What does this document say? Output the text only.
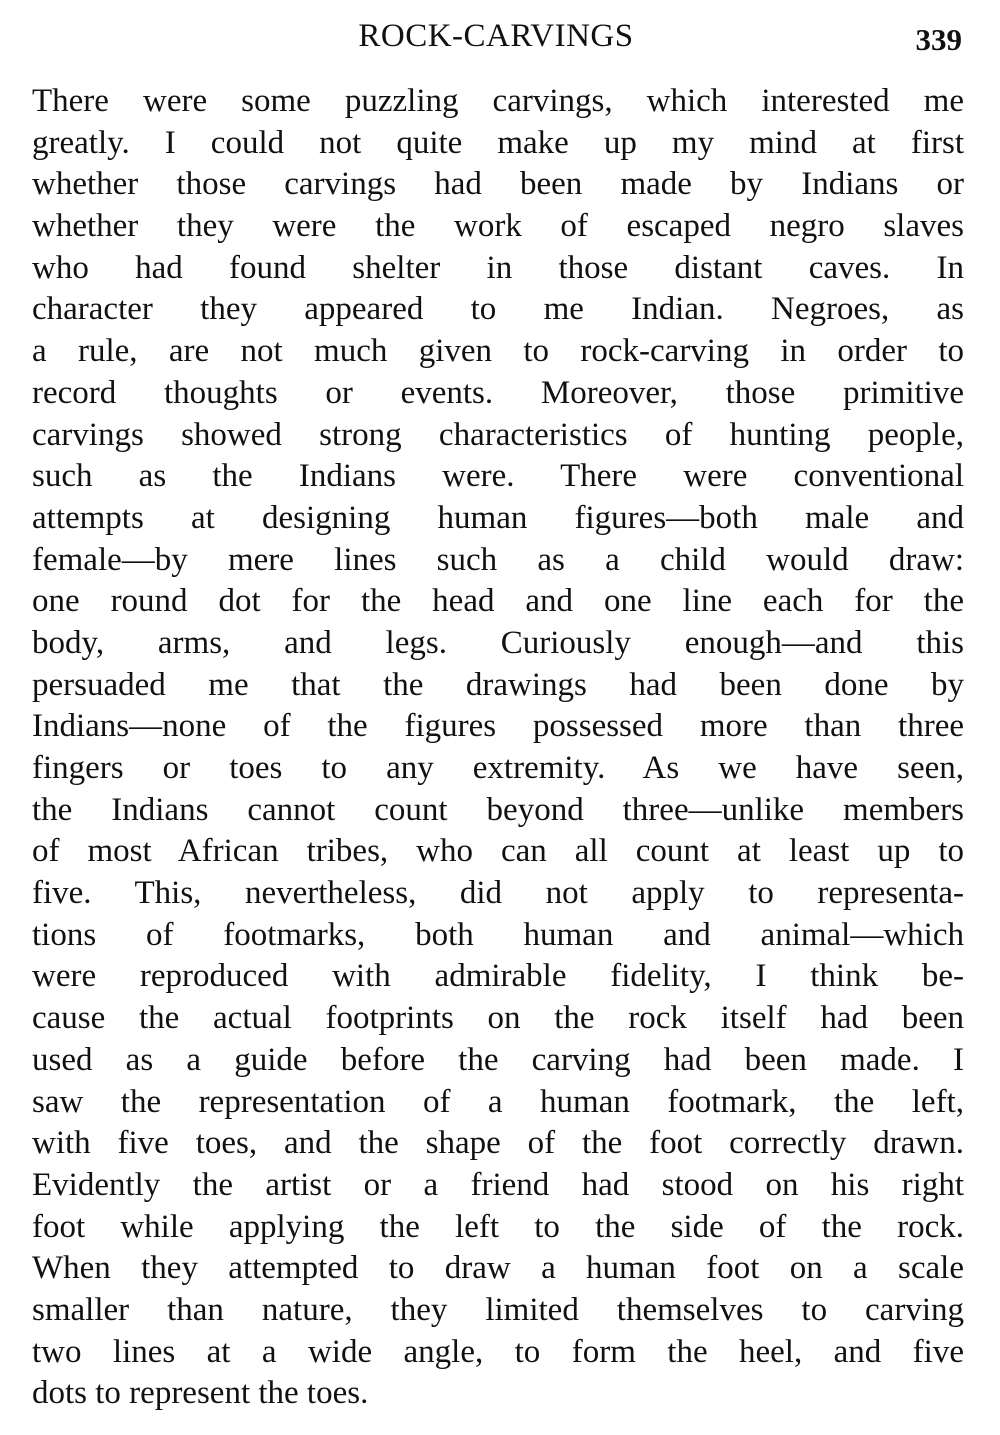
ROCK-CARVINGS	339
There were some puzzling carvings, which interested me
greatly. I could not quite make up my mind at first
whether those carvings had been made by Indians or
whether they were the work of escaped negro slaves
who had found shelter in those distant caves. In
character they appeared to me Indian. Negroes, as
a rule, are not much given to rock-carving in order to
record thoughts or events. Moreover, those primitive
carvings showed strong characteristics of hunting people,
such as the Indians were. There were conventional
attempts at designing human figures—both male and
female—by mere lines such as a child would draw:
one round dot for the head and one line each for the
body, arms, and legs. Curiously enough—and this
persuaded me that the drawings had been done by
Indians—none of the figures possessed more than three
fingers or toes to any extremity. As we have seen,
the Indians cannot count beyond three—unlike members
of most African tribes, who can all count at least up to
five. This, nevertheless, did not apply to representa-
tions of footmarks, both human and animal—which
were reproduced with admirable fidelity, I think be-
cause the actual footprints on the rock itself had been
used as a guide before the carving had been made. I
saw the representation of a human footmark, the left,
with five toes, and the shape of the foot correctly drawn.
Evidently the artist or a friend had stood on his right
foot while applying the left to the side of the rock.
When they attempted to draw a human foot on a scale
smaller than nature, they limited themselves to carving
two lines at a wide angle, to form the heel, and five
dots to represent the toes.
